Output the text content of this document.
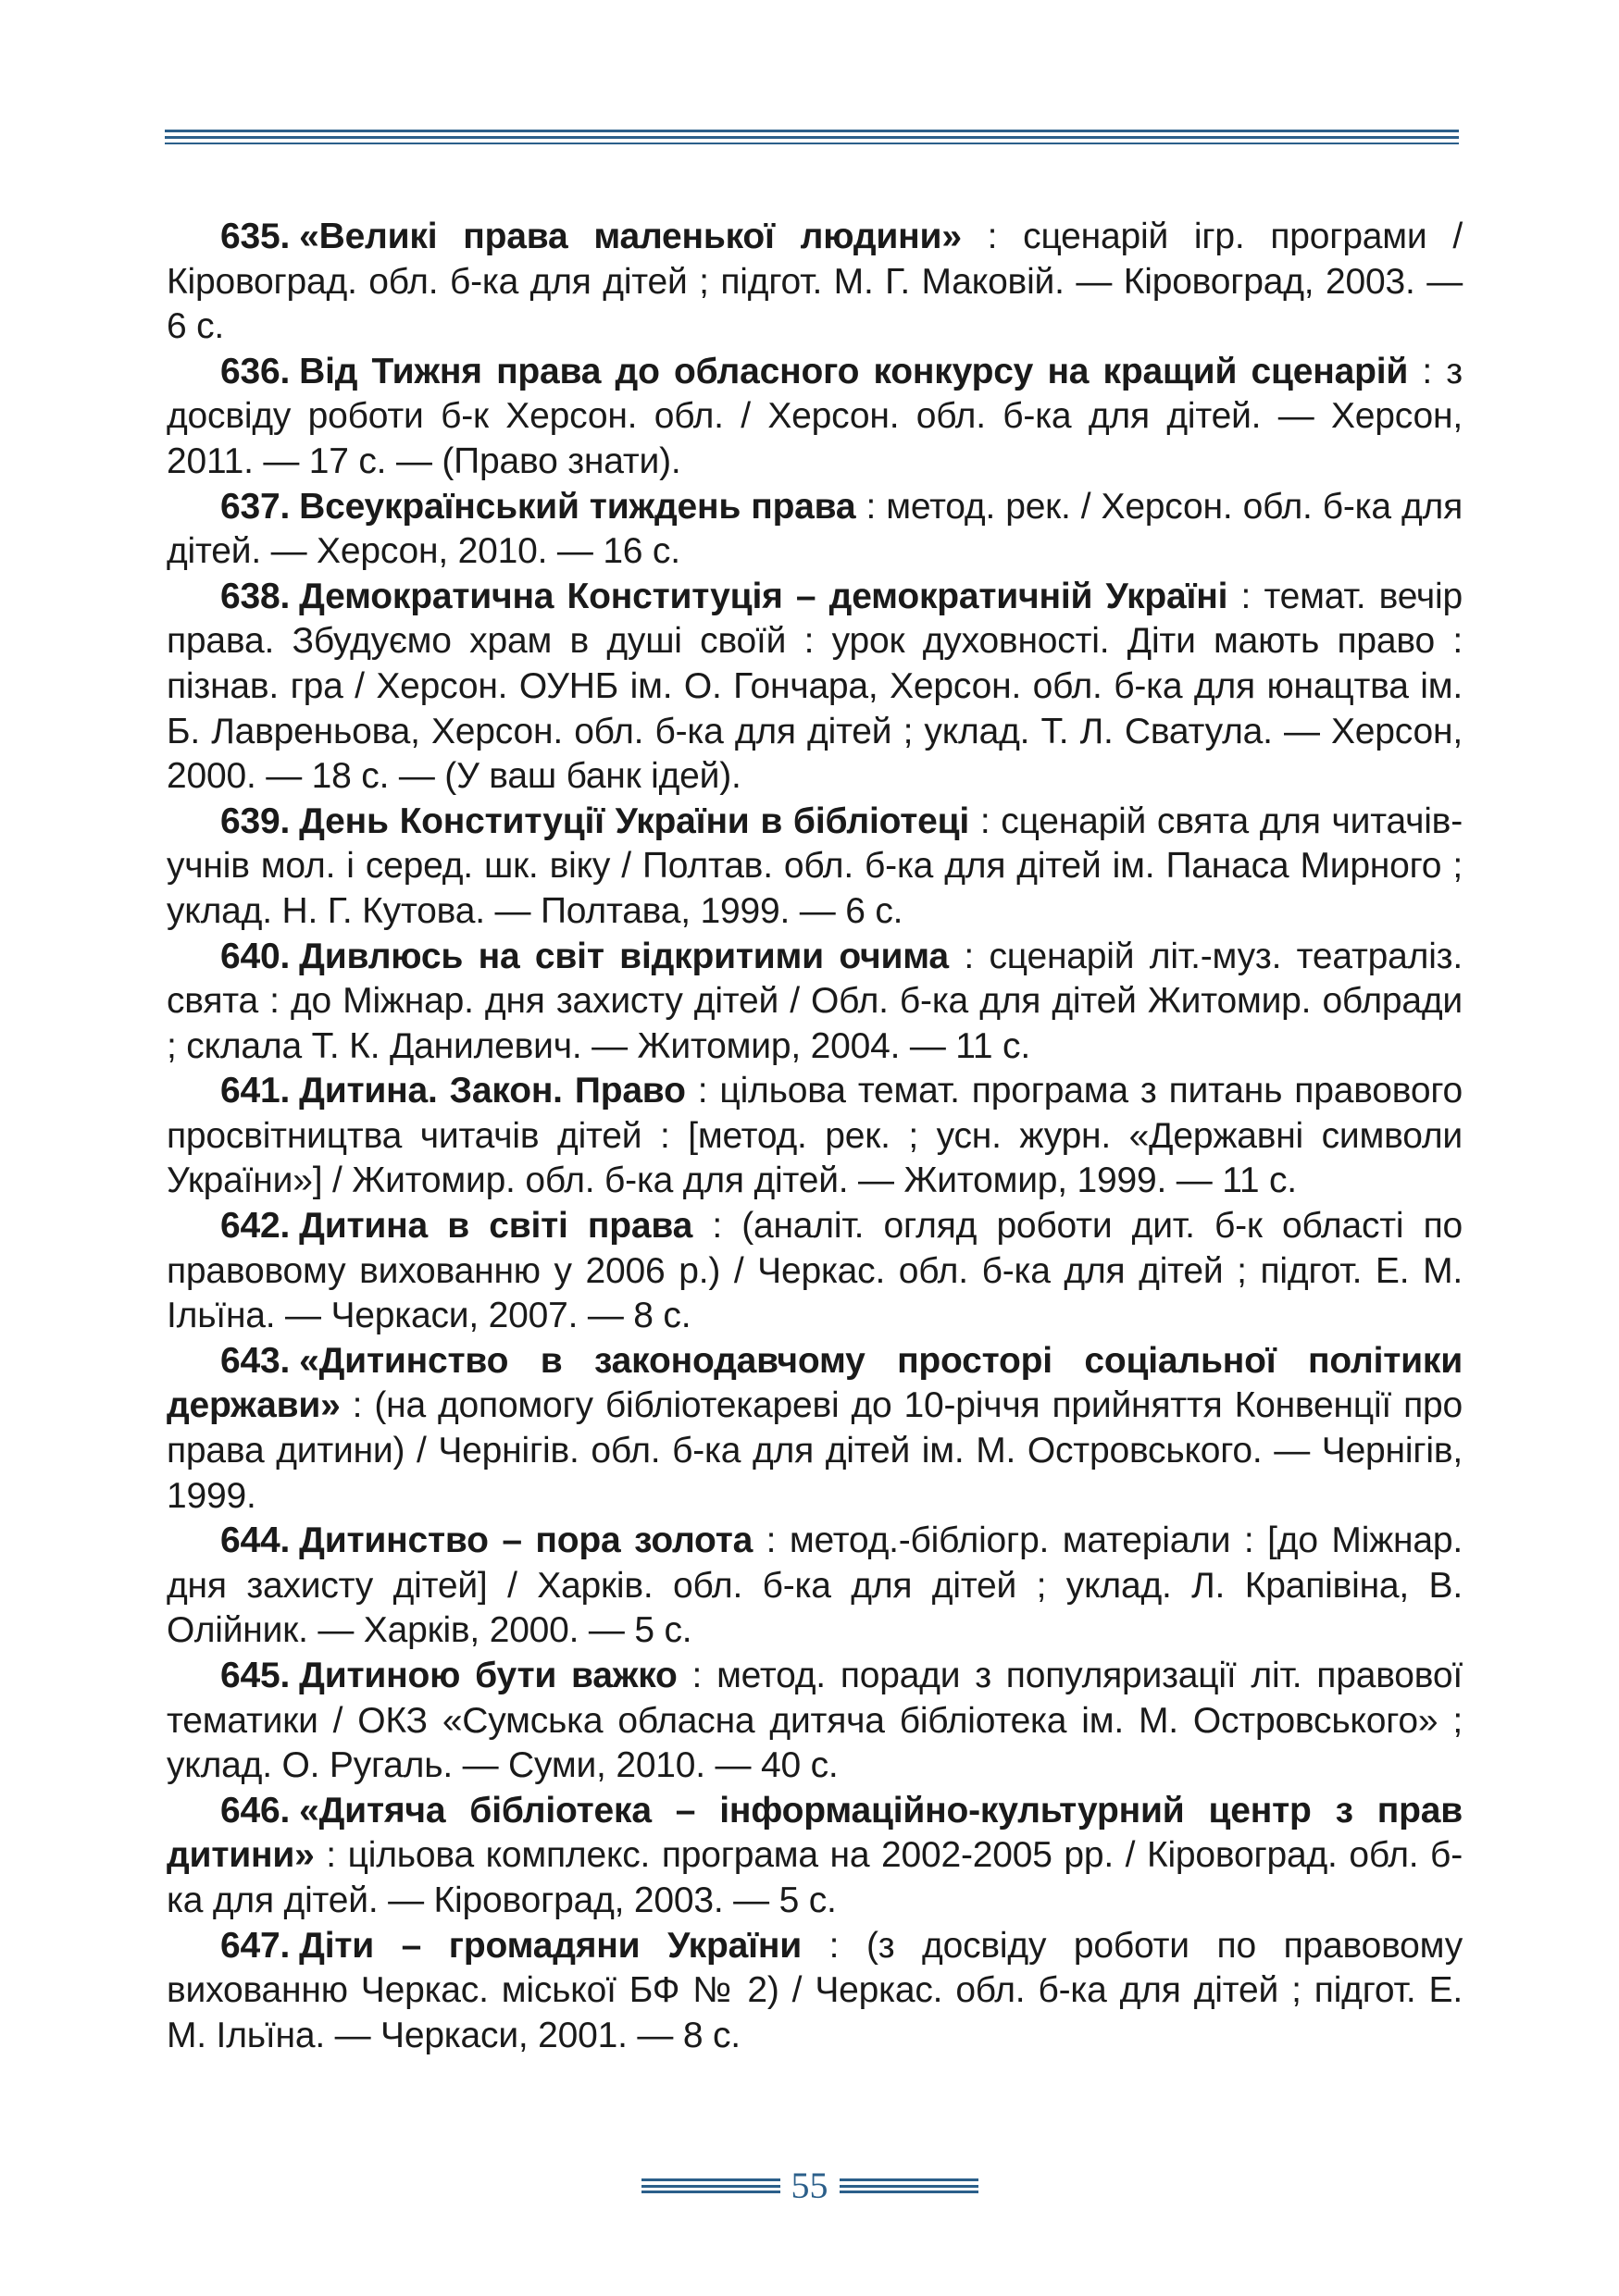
635. «Великі права маленької людини» : сценарій ігр. програми / Кіровоград. обл. б-ка для дітей ; підгот. М. Г. Маковій. — Кіровоград, 2003. — 6 с.

636. Від Тижня права до обласного конкурсу на кращий сценарій : з досвіду роботи б-к Херсон. обл. / Херсон. обл. б-ка для дітей. — Херсон, 2011. — 17 с. — (Право знати).

637. Всеукраїнський тиждень права : метод. рек. / Херсон. обл. б-ка для дітей. — Херсон, 2010. — 16 с.

638. Демократична Конституція – демократичній Україні : темат. вечір права. Збудуємо храм в душі своїй : урок духовності. Діти мають право : пізнав. гра / Херсон. ОУНБ ім. О. Гончара, Херсон. обл. б-ка для юнацтва ім. Б. Лавреньова, Херсон. обл. б-ка для дітей ; уклад. Т. Л. Сватула. — Херсон, 2000. — 18 с. — (У ваш банк ідей).

639. День Конституції України в бібліотеці : сценарій свята для читачів-учнів мол. і серед. шк. віку / Полтав. обл. б-ка для дітей ім. Панаса Мирного ; уклад. Н. Г. Кутова. — Полтава, 1999. — 6 с.

640. Дивлюсь на світ відкритими очима : сценарій літ.-муз. театраліз. свята : до Міжнар. дня захисту дітей / Обл. б-ка для дітей Житомир. облради ; склала Т. К. Данилевич. — Житомир, 2004. — 11 с.

641. Дитина. Закон. Право : цільова темат. програма з питань правового просвітництва читачів дітей : [метод. рек. ; усн. журн. «Державні символи України»] / Житомир. обл. б-ка для дітей. — Житомир, 1999. — 11 с.

642. Дитина в світі права : (аналіт. огляд роботи дит. б-к області по правовому вихованню у 2006 р.) / Черкас. обл. б-ка для дітей ; підгот. Е. М. Ільїна. — Черкаси, 2007. — 8 с.

643. «Дитинство в законодавчому просторі соціальної політики держави» : (на допомогу бібліотекареві до 10-річчя прийняття Конвенції про права дитини) / Чернігів. обл. б-ка для дітей ім. М. Островського. — Чернігів, 1999.

644. Дитинство – пора золота : метод.-бібліогр. матеріали : [до Міжнар. дня захисту дітей] / Харків. обл. б-ка для дітей ; уклад. Л. Крапівіна, В. Олійник. — Харків, 2000. — 5 с.

645. Дитиною бути важко : метод. поради з популяризації літ. правової тематики / ОКЗ «Сумська обласна дитяча бібліотека ім. М. Островського» ; уклад. О. Ругаль. — Суми, 2010. — 40 с.

646. «Дитяча бібліотека – інформаційно-культурний центр з прав дитини» : цільова комплекс. програма на 2002-2005 рр. / Кіровоград. обл. б-ка для дітей. — Кіровоград, 2003. — 5 с.

647. Діти – громадяни України : (з досвіду роботи по правовому вихованню Черкас. міської БФ № 2) / Черкас. обл. б-ка для дітей ; підгот. Е. М. Ільїна. — Черкаси, 2001. — 8 с.

55
